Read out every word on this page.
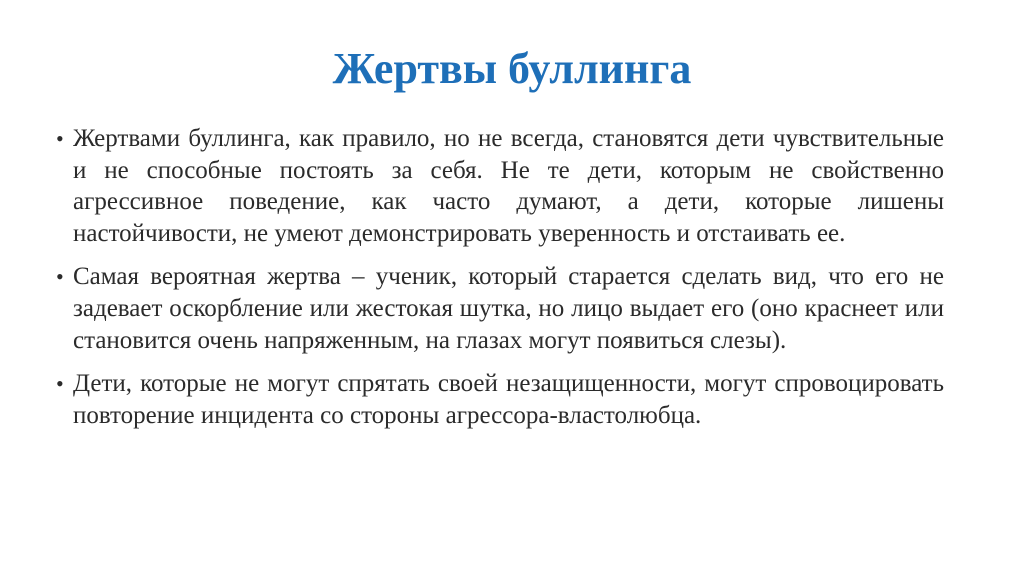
Жертвы буллинга
• Жертвами буллинга, как правило, но не всегда, становятся дети чувствительные и не способные постоять за себя. Не те дети, которым не свойственно агрессивное поведение, как часто думают, а дети, которые лишены настойчивости, не умеют демонстрировать уверенность и отстаивать ее.
• Самая вероятная жертва – ученик, который старается сделать вид, что его не задевает оскорбление или жестокая шутка, но лицо выдает его (оно краснеет или становится очень напряженным, на глазах могут появиться слезы).
• Дети, которые не могут спрятать своей незащищенности, могут спровоцировать повторение инцидента со стороны агрессора-властолюбца.
